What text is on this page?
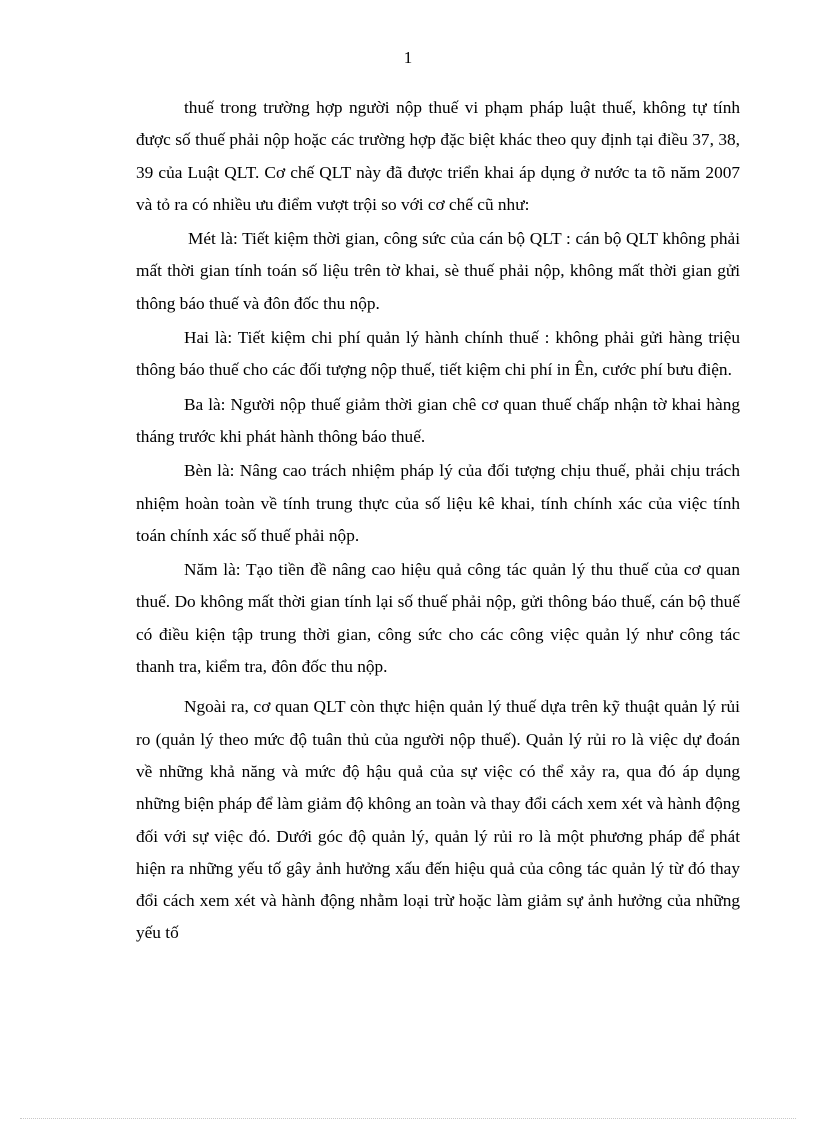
1

thuế trong trường hợp người nộp thuế vi phạm pháp luật thuế, không tự tính được số thuế phải nộp hoặc các trường hợp đặc biệt khác theo quy định tại điều 37, 38, 39 của Luật QLT. Cơ chế QLT này đã được triển khai áp dụng ở nước ta tõ năm 2007 và tỏ ra có nhiều ưu điểm vượt trội so với cơ chế cũ như:

Mét là: Tiết kiệm thời gian, công sức của cán bộ QLT : cán bộ QLT không phải mất thời gian tính toán số liệu trên tờ khai, sè thuế phải nộp, không mất thời gian gửi thông báo thuế và đôn đốc thu nộp.

Hai là: Tiết kiệm chi phí quản lý hành chính thuế : không phải gửi hàng triệu thông báo thuế cho các đối tượng nộp thuế, tiết kiệm chi phí in Ên, cước phí bưu điện.

Ba là: Người nộp thuế giảm thời gian chê cơ quan thuế chấp nhận tờ khai hàng tháng trước khi phát hành thông báo thuế.

Bèn là: Nâng cao trách nhiệm pháp lý của đối tượng chịu thuế, phải chịu trách nhiệm hoàn toàn về tính trung thực của số liệu kê khai, tính chính xác của việc tính toán chính xác số thuế phải nộp.

Năm là: Tạo tiền đề nâng cao hiệu quả công tác quản lý thu thuế của cơ quan thuế. Do không mất thời gian tính lại số thuế phải nộp, gửi thông báo thuế, cán bộ thuế có điều kiện tập trung thời gian, công sức cho các công việc quản lý như công tác thanh tra, kiểm tra, đôn đốc thu nộp.

Ngoài ra, cơ quan QLT còn thực hiện quản lý thuế dựa trên kỹ thuật quản lý rủi ro (quản lý theo mức độ tuân thủ của người nộp thuế). Quản lý rủi ro là việc dự đoán về những khả năng và mức độ hậu quả của sự việc có thể xảy ra, qua đó áp dụng những biện pháp để làm giảm độ không an toàn và thay đổi cách xem xét và hành động đối với sự việc đó. Dưới góc độ quản lý, quản lý rủi ro là một phương pháp để phát hiện ra những yếu tố gây ảnh hưởng xấu đến hiệu quả của công tác quản lý từ đó thay đổi cách xem xét và hành động nhằm loại trừ hoặc làm giảm sự ảnh hưởng của những yếu tố
